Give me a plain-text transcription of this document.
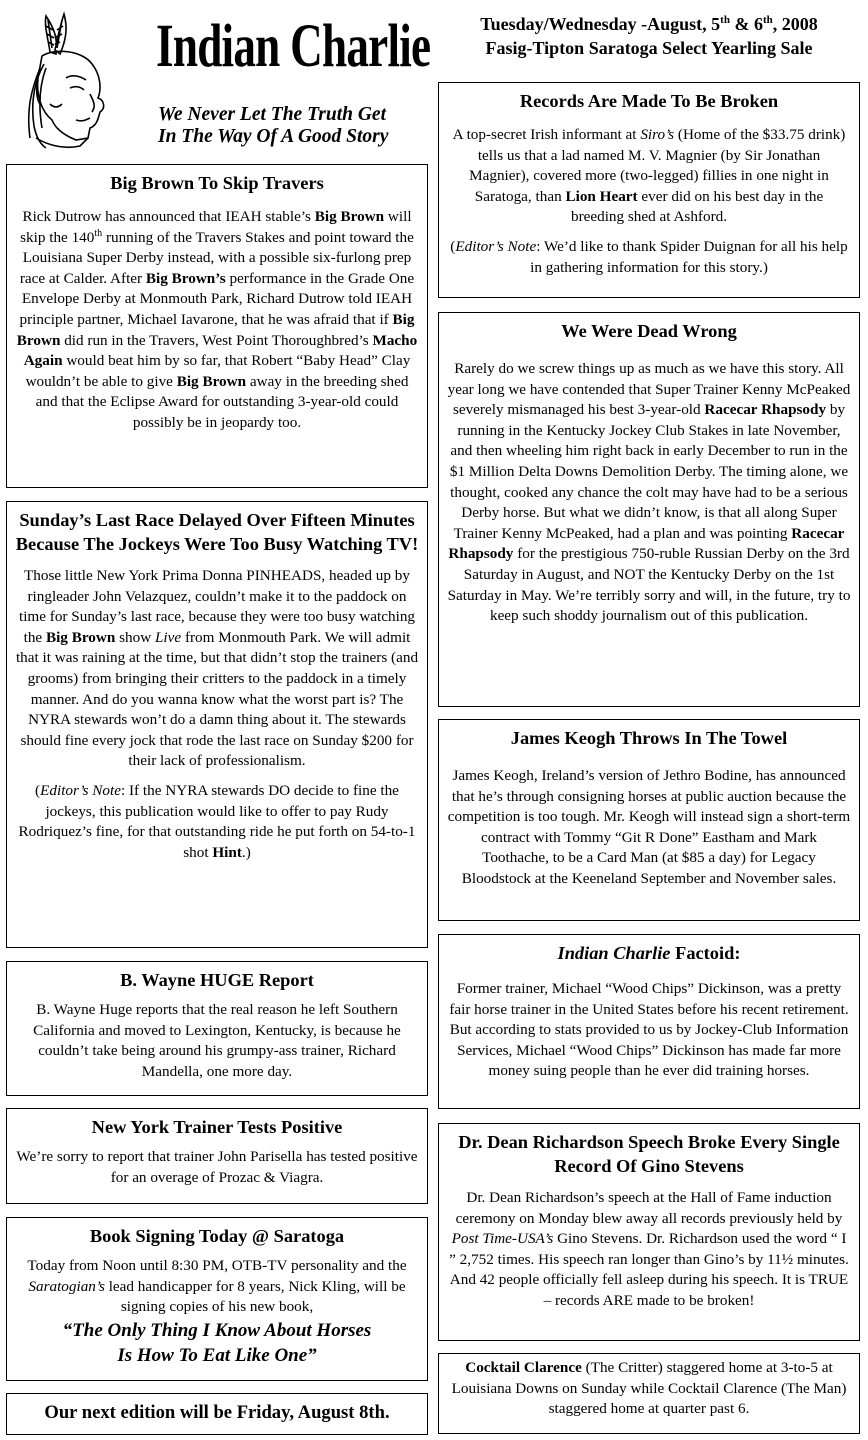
Indian Charlie
We Never Let The Truth Get
In The Way Of A Good Story
Tuesday/Wednesday -August, 5th & 6th, 2008
Fasig-Tipton Saratoga Select Yearling Sale
Big Brown To Skip Travers

Rick Dutrow has announced that IEAH stable’s Big Brown will skip the 140th running of the Travers Stakes and point toward the Louisiana Super Derby instead, with a possible six-furlong prep race at Calder. After Big Brown’s performance in the Grade One Envelope Derby at Monmouth Park, Richard Dutrow told IEAH principle partner, Michael Iavarone, that he was afraid that if Big Brown did run in the Travers, West Point Thoroughbred’s Macho Again would beat him by so far, that Robert “Baby Head” Clay wouldn’t be able to give Big Brown away in the breeding shed and that the Eclipse Award for outstanding 3-year-old could possibly be in jeopardy too.

Sunday’s Last Race Delayed Over Fifteen Minutes Because The Jockeys Were Too Busy Watching TV!

Those little New York Prima Donna PINHEADS, headed up by ringleader John Velazquez, couldn’t make it to the paddock on time for Sunday’s last race, because they were too busy watching the Big Brown show Live from Monmouth Park. We will admit that it was raining at the time, but that didn’t stop the trainers (and grooms) from bringing their critters to the paddock in a timely manner. And do you wanna know what the worst part is? The NYRA stewards won’t do a damn thing about it. The stewards should fine every jock that rode the last race on Sunday $200 for their lack of professionalism.

(Editor’s Note: If the NYRA stewards DO decide to fine the jockeys, this publication would like to offer to pay Rudy Rodriquez’s fine, for that outstanding ride he put forth on 54-to-1 shot Hint.)

B. Wayne HUGE Report

B. Wayne Huge reports that the real reason he left Southern California and moved to Lexington, Kentucky, is because he couldn’t take being around his grumpy-ass trainer, Richard Mandella, one more day.

New York Trainer Tests Positive

We’re sorry to report that trainer John Parisella has tested positive for an overage of Prozac & Viagra.

Book Signing Today @ Saratoga

Today from Noon until 8:30 PM, OTB-TV personality and the Saratogian’s lead handicapper for 8 years, Nick Kling, will be signing copies of his new book,

“The Only Thing I Know About Horses
Is How To Eat Like One”
Our next edition will be Friday, August 8th.
Records Are Made To Be Broken

A top-secret Irish informant at Siro’s (Home of the $33.75 drink) tells us that a lad named M. V. Magnier (by Sir Jonathan Magnier), covered more (two-legged) fillies in one night in Saratoga, than Lion Heart ever did on his best day in the breeding shed at Ashford.

(Editor’s Note: We’d like to thank Spider Duignan for all his help in gathering information for this story.)

We Were Dead Wrong

Rarely do we screw things up as much as we have this story. All year long we have contended that Super Trainer Kenny McPeaked severely mismanaged his best 3-year-old Racecar Rhapsody by running in the Kentucky Jockey Club Stakes in late November, and then wheeling him right back in early December to run in the $1 Million Delta Downs Demolition Derby. The timing alone, we thought, cooked any chance the colt may have had to be a serious Derby horse. But what we didn’t know, is that all along Super Trainer Kenny McPeaked, had a plan and was pointing Racecar Rhapsody for the prestigious 750-ruble Russian Derby on the 3rd Saturday in August, and NOT the Kentucky Derby on the 1st Saturday in May. We’re terribly sorry and will, in the future, try to keep such shoddy journalism out of this publication.

James Keogh Throws In The Towel

James Keogh, Ireland’s version of Jethro Bodine, has announced that he’s through consigning horses at public auction because the competition is too tough. Mr. Keogh will instead sign a short-term contract with Tommy “Git R Done” Eastham and Mark Toothache, to be a Card Man (at $85 a day) for Legacy Bloodstock at the Keeneland September and November sales.

Indian Charlie Factoid:

Former trainer, Michael “Wood Chips” Dickinson, was a pretty fair horse trainer in the United States before his recent retirement. But according to stats provided to us by Jockey-Club Information Services, Michael “Wood Chips” Dickinson has made far more money suing people than he ever did training horses.

Dr. Dean Richardson Speech Broke Every Single Record Of Gino Stevens

Dr. Dean Richardson’s speech at the Hall of Fame induction ceremony on Monday blew away all records previously held by Post Time-USA’s Gino Stevens. Dr. Richardson used the word “ I ” 2,752 times. His speech ran longer than Gino’s by 11½ minutes. And 42 people officially fell asleep during his speech. It is TRUE – records ARE made to be broken!

Cocktail Clarence (The Critter) staggered home at 3-to-5 at Louisiana Downs on Sunday while Cocktail Clarence (The Man) staggered home at quarter past 6.
